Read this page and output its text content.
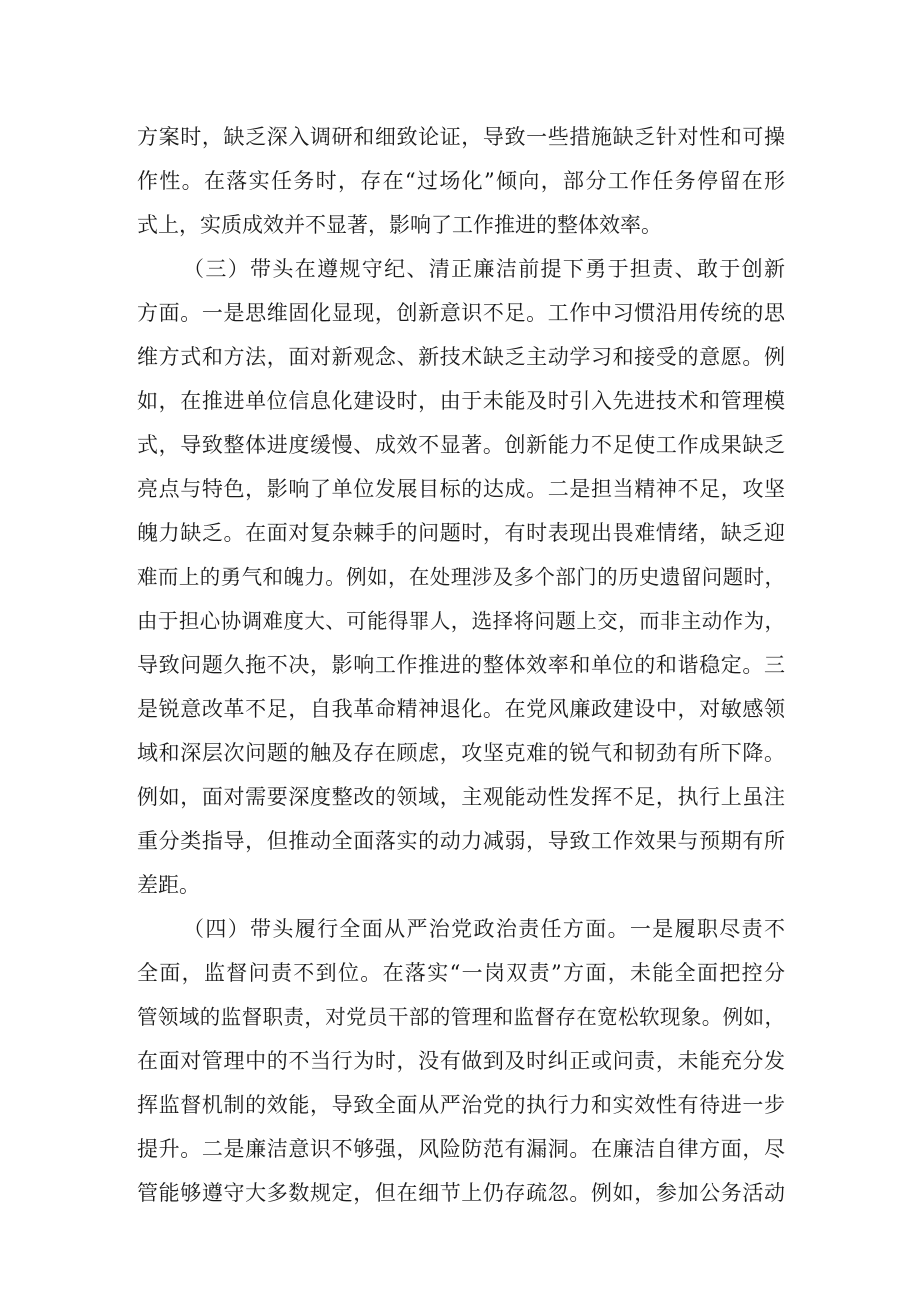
方案时，缺乏深入调研和细致论证，导致一些措施缺乏针对性和可操
作性。在落实任务时，存在“过场化”倾向，部分工作任务停留在形
式上，实质成效并不显著，影响了工作推进的整体效率。
（三）带头在遵规守纪、清正廉洁前提下勇于担责、敢于创新
方面。一是思维固化显现，创新意识不足。工作中习惯沿用传统的思
维方式和方法，面对新观念、新技术缺乏主动学习和接受的意愿。例
如，在推进单位信息化建设时，由于未能及时引入先进技术和管理模
式，导致整体进度缓慢、成效不显著。创新能力不足使工作成果缺乏
亮点与特色，影响了单位发展目标的达成。二是担当精神不足，攻坚
魄力缺乏。在面对复杂棘手的问题时，有时表现出畏难情绪，缺乏迎
难而上的勇气和魄力。例如，在处理涉及多个部门的历史遗留问题时，
由于担心协调难度大、可能得罪人，选择将问题上交，而非主动作为，
导致问题久拖不决，影响工作推进的整体效率和单位的和谐稳定。三
是锐意改革不足，自我革命精神退化。在党风廉政建设中，对敏感领
域和深层次问题的触及存在顾虑，攻坚克难的锐气和韧劲有所下降。
例如，面对需要深度整改的领域，主观能动性发挥不足，执行上虽注
重分类指导，但推动全面落实的动力减弱，导致工作效果与预期有所
差距。
（四）带头履行全面从严治党政治责任方面。一是履职尽责不
全面，监督问责不到位。在落实“一岗双责”方面，未能全面把控分
管领域的监督职责，对党员干部的管理和监督存在宽松软现象。例如，
在面对管理中的不当行为时，没有做到及时纠正或问责，未能充分发
挥监督机制的效能，导致全面从严治党的执行力和实效性有待进一步
提升。二是廉洁意识不够强，风险防范有漏洞。在廉洁自律方面，尽
管能够遵守大多数规定，但在细节上仍存疏忽。例如，参加公务活动
